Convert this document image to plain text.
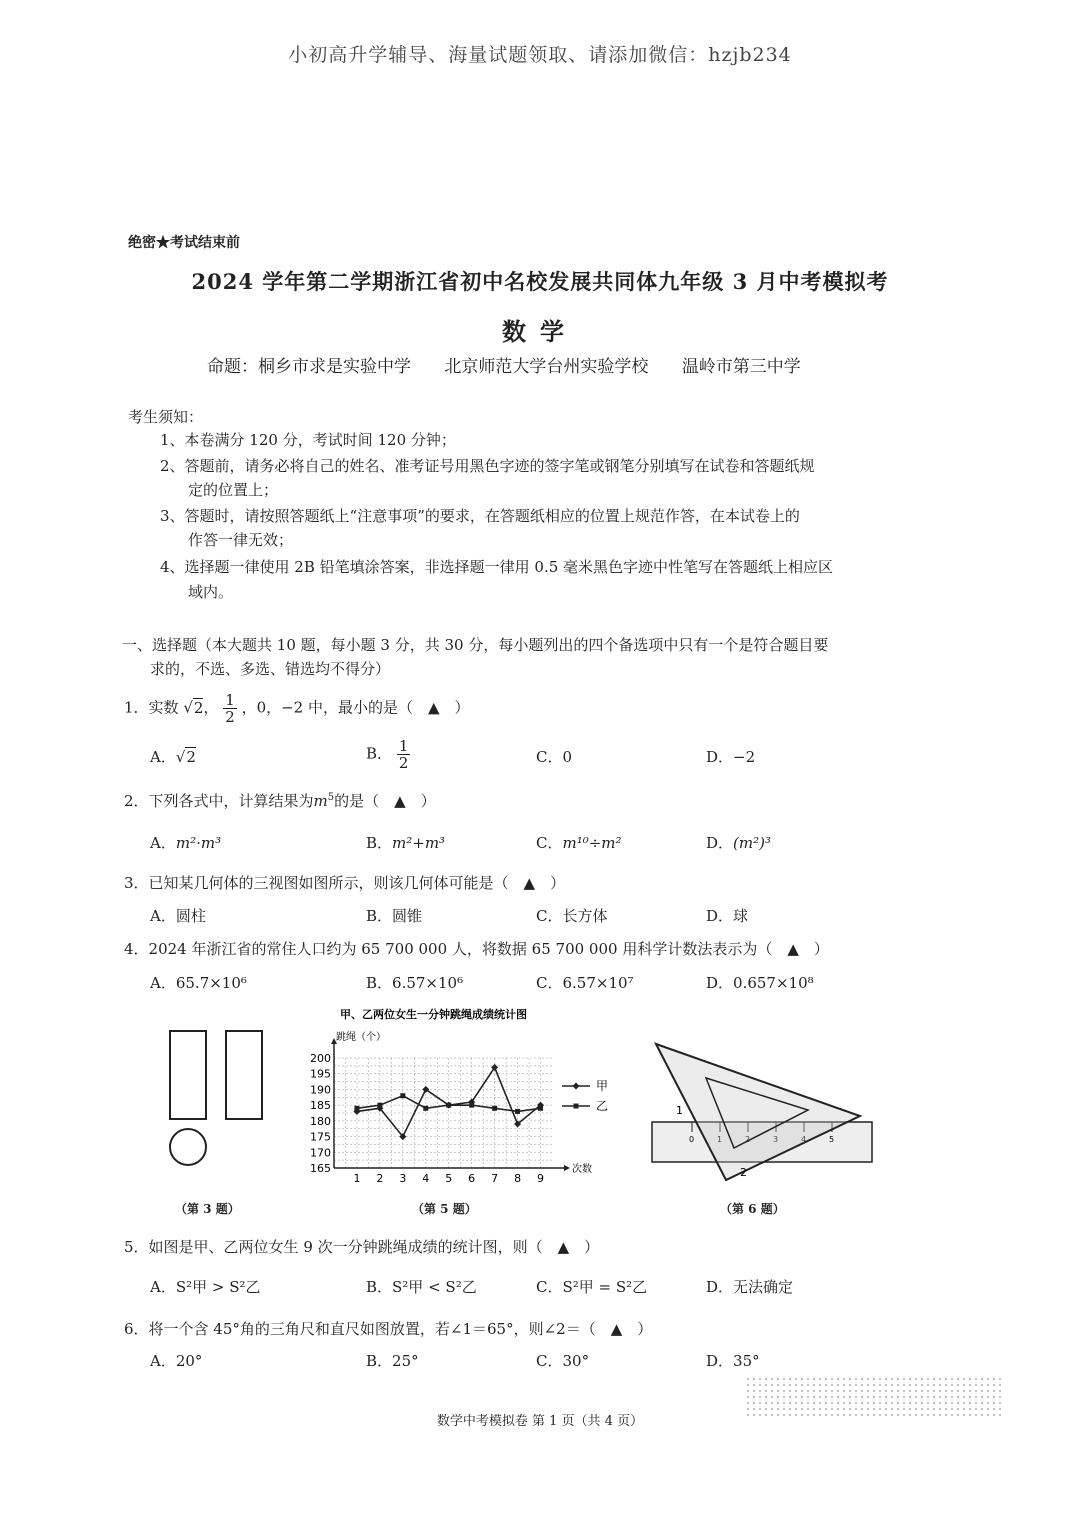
小初高升学辅导、海量试题领取、请添加微信：hzjb234
绝密★考试结束前
2024 学年第二学期浙江省初中名校发展共同体九年级 3 月中考模拟考
数学
命题：桐乡市求是实验中学 北京师范大学台州实验学校 温岭市第三中学
考生须知：
1、本卷满分 120 分，考试时间 120 分钟；
2、答题前，请务必将自己的姓名、准考证号用黑色字迹的签字笔或钢笔分别填写在试卷和答题纸规
定的位置上；
3、答题时，请按照答题纸上“注意事项”的要求，在答题纸相应的位置上规范作答，在本试卷上的
作答一律无效；
4、选择题一律使用 2B 铅笔填涂答案，非选择题一律用 0.5 毫米黑色字迹中性笔写在答题纸上相应区
域内。
一、选择题（本大题共 10 题，每小题 3 分，共 30 分，每小题列出的四个备选项中只有一个是符合题目要
求的，不选、多选、错选均不得分）
1．实数 √2， $\frac{1}{2}$ ，0，−2 中，最小的是（　▲　）
A．√2	B． $\frac{1}{2}$	C．0	D．−2
2．下列各式中，计算结果为$m^5$的是（　▲　）
A．m²·m³	B．m²+m³	C．m¹⁰÷m²	D．(m²)³
3．已知某几何体的三视图如图所示，则该几何体可能是（　▲　）
A．圆柱	B．圆锥	C．长方体	D．球
4．2024 年浙江省的常住人口约为 65 700 000 人，将数据 65 700 000 用科学计数法表示为（　▲　）
A．65.7×10⁶	B．6.57×10⁶	C．6.57×10⁷	D．0.657×10⁸
（第 3 题）
甲、乙两位女生一分钟跳绳成绩统计图
跳绳（个）
165
170
175
180
185
190
195
200
1 2 3 4 5 6 7 8 9
次数
甲
乙
（第 5 题）
0	5
1
2
（第 6 题）
5．如图是甲、乙两位女生 9 次一分钟跳绳成绩的统计图，则（　▲　）
A．S²甲 > S²乙	B．S²甲 < S²乙	C．S²甲 = S²乙	D．无法确定
6．将一个含 45°角的三角尺和直尺如图放置，若∠1＝65°，则∠2＝（　▲　）
A．20°	B．25°	C．30°	D．35°
数学中考模拟卷 第 1 页（共 4 页）
